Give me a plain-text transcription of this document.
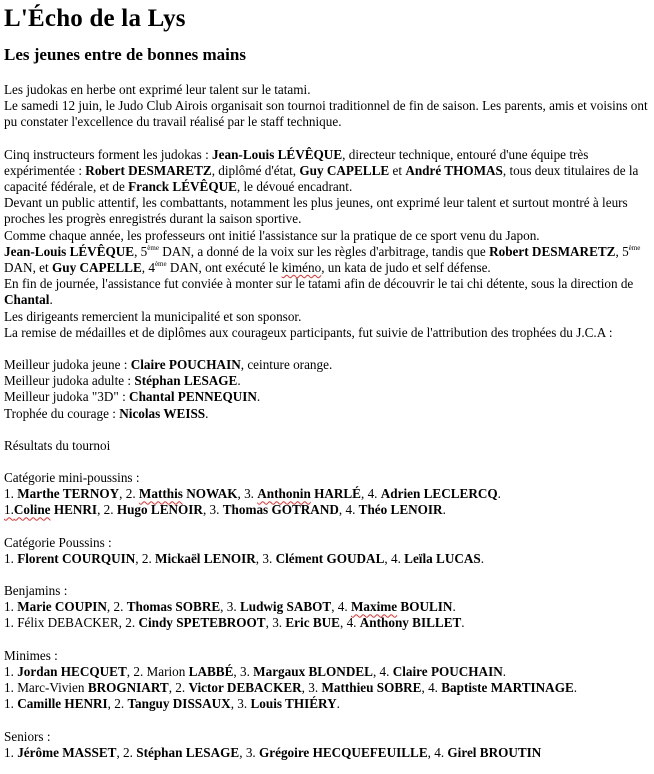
L'Écho de la Lys
Les jeunes entre de bonnes mains

Les judokas en herbe ont exprimé leur talent sur le tatami.

Le samedi 12 juin, le Judo Club Airois organisait son tournoi traditionnel de fin de saison. Les parents, amis et voisins ont pu constater l'excellence du travail réalisé par le staff technique.

Cinq instructeurs forment les judokas : Jean-Louis LÉVÊQUE, directeur technique, entouré d'une équipe très expérimentée : Robert DESMARETZ, diplômé d'état, Guy CAPELLE et André THOMAS, tous deux titulaires de la capacité fédérale, et de Franck LÉVÊQUE, le dévoué encadrant.

Devant un public attentif, les combattants, notamment les plus jeunes, ont exprimé leur talent et surtout montré à leurs proches les progrès enregistrés durant la saison sportive.

Comme chaque année, les professeurs ont initié l'assistance sur la pratique de ce sport venu du Japon.

Jean-Louis LÉVÊQUE, 5ème DAN, a donné de la voix sur les règles d'arbitrage, tandis que Robert DESMARETZ, 5ème DAN, et Guy CAPELLE, 4ème DAN, ont exécuté le kiméno, un kata de judo et self défense.

En fin de journée, l'assistance fut conviée à monter sur le tatami afin de découvrir le tai chi détente, sous la direction de Chantal.

Les dirigeants remercient la municipalité et son sponsor.

La remise de médailles et de diplômes aux courageux participants, fut suivie de l'attribution des trophées du J.C.A :

Meilleur judoka jeune : Claire POUCHAIN, ceinture orange.

Meilleur judoka adulte : Stéphan LESAGE.

Meilleur judoka "3D" : Chantal PENNEQUIN.

Trophée du courage : Nicolas WEISS.

Résultats du tournoi

Catégorie mini-poussins :

1. Marthe TERNOY, 2. Matthis NOWAK, 3. Anthonin HARLÉ, 4. Adrien LECLERCQ.

1.Coline HENRI, 2. Hugo LENOIR, 3. Thomas GOTRAND, 4. Théo LENOIR.

Catégorie Poussins :

1. Florent COURQUIN, 2. Mickaël LENOIR, 3. Clément GOUDAL, 4. Leïla LUCAS.

Benjamins :

1. Marie COUPIN, 2. Thomas SOBRE, 3. Ludwig SABOT, 4. Maxime BOULIN.

1. Félix DEBACKER, 2. Cindy SPETEBROOT, 3. Eric BUE, 4. Anthony BILLET.

Minimes :

1. Jordan HECQUET, 2. Marion LABBÉ, 3. Margaux BLONDEL, 4. Claire POUCHAIN.

1. Marc-Vivien BROGNIART, 2. Victor DEBACKER, 3. Matthieu SOBRE, 4. Baptiste MARTINAGE.

1. Camille HENRI, 2. Tanguy DISSAUX, 3. Louis THIÉRY.

Seniors :

1. Jérôme MASSET, 2. Stéphan LESAGE, 3. Grégoire HECQUEFEUILLE, 4. Girel BROUTIN
